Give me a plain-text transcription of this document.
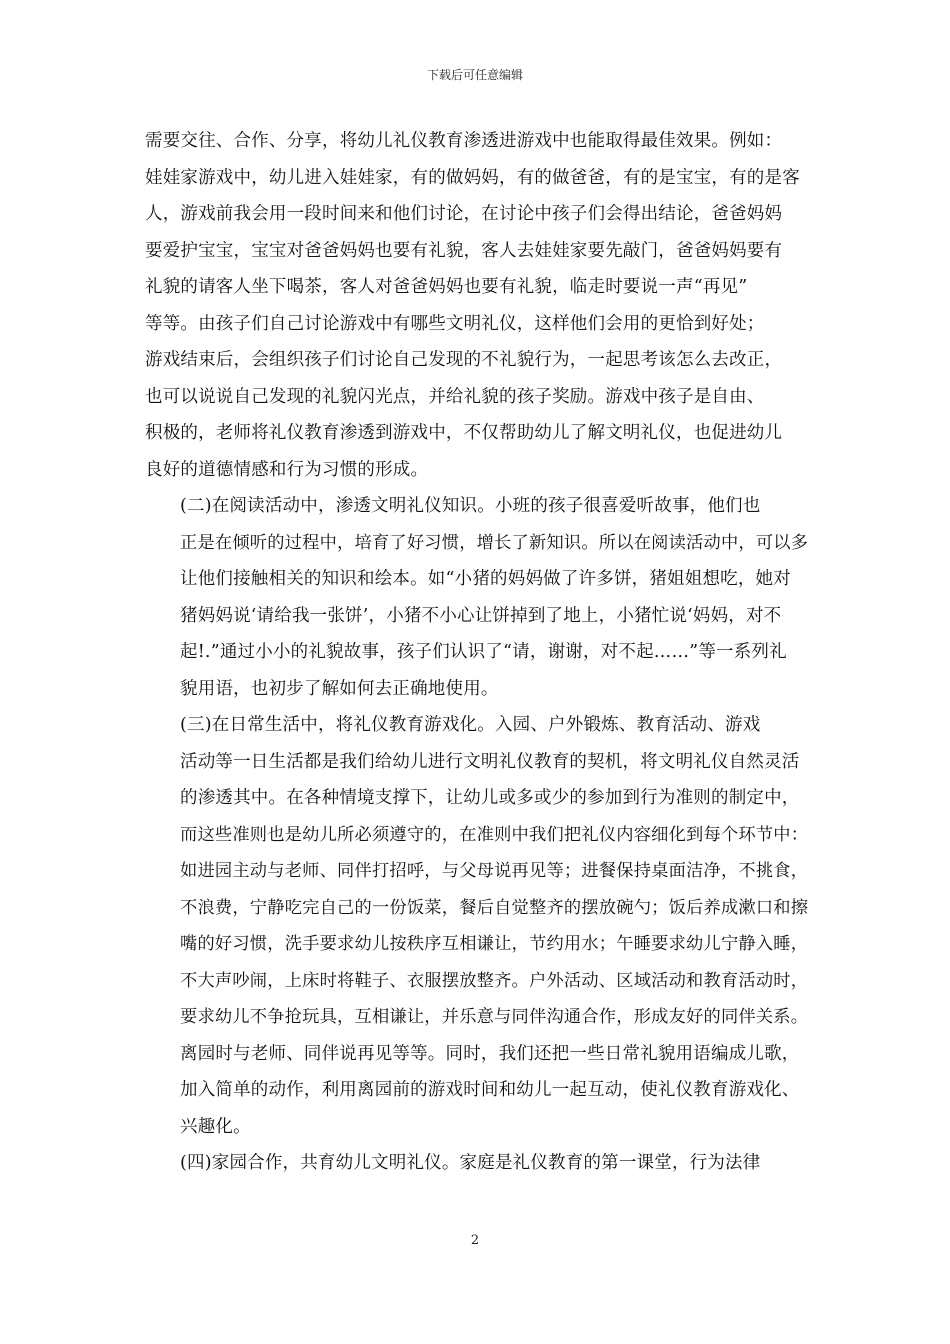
下载后可任意编辑

需要交往、合作、分享，将幼儿礼仪教育渗透进游戏中也能取得最佳效果。例如：
娃娃家游戏中，幼儿进入娃娃家，有的做妈妈，有的做爸爸，有的是宝宝，有的是客
人，游戏前我会用一段时间来和他们讨论，在讨论中孩子们会得出结论，爸爸妈妈
要爱护宝宝，宝宝对爸爸妈妈也要有礼貌，客人去娃娃家要先敲门，爸爸妈妈要有
礼貌的请客人坐下喝茶，客人对爸爸妈妈也要有礼貌，临走时要说一声“再见”
等等。由孩子们自己讨论游戏中有哪些文明礼仪，这样他们会用的更恰到好处；
游戏结束后，会组织孩子们讨论自己发现的不礼貌行为，一起思考该怎么去改正，
也可以说说自己发现的礼貌闪光点，并给礼貌的孩子奖励。游戏中孩子是自由、
积极的，老师将礼仪教育渗透到游戏中，不仅帮助幼儿了解文明礼仪，也促进幼儿
良好的道德情感和行为习惯的形成。

(二)在阅读活动中，渗透文明礼仪知识。小班的孩子很喜爱听故事，他们也
正是在倾听的过程中，培育了好习惯，增长了新知识。所以在阅读活动中，可以多
让他们接触相关的知识和绘本。如“小猪的妈妈做了许多饼，猪姐姐想吃，她对
猪妈妈说‘请给我一张饼’，小猪不小心让饼掉到了地上，小猪忙说‘妈妈，对不
起!.”通过小小的礼貌故事，孩子们认识了“请，谢谢，对不起……”等一系列礼
貌用语，也初步了解如何去正确地使用。

(三)在日常生活中，将礼仪教育游戏化。入园、户外锻炼、教育活动、游戏
活动等一日生活都是我们给幼儿进行文明礼仪教育的契机，将文明礼仪自然灵活
的渗透其中。在各种情境支撑下，让幼儿或多或少的参加到行为准则的制定中，
而这些准则也是幼儿所必须遵守的，在准则中我们把礼仪内容细化到每个环节中：
如进园主动与老师、同伴打招呼，与父母说再见等；进餐保持桌面洁净，不挑食，
不浪费，宁静吃完自己的一份饭菜，餐后自觉整齐的摆放碗勺；饭后养成漱口和擦
嘴的好习惯，洗手要求幼儿按秩序互相谦让，节约用水；午睡要求幼儿宁静入睡，
不大声吵闹，上床时将鞋子、衣服摆放整齐。户外活动、区域活动和教育活动时，
要求幼儿不争抢玩具，互相谦让，并乐意与同伴沟通合作，形成友好的同伴关系。
离园时与老师、同伴说再见等等。同时，我们还把一些日常礼貌用语编成儿歌，
加入简单的动作，利用离园前的游戏时间和幼儿一起互动，使礼仪教育游戏化、
兴趣化。

(四)家园合作，共育幼儿文明礼仪。家庭是礼仪教育的第一课堂，行为法律

2
